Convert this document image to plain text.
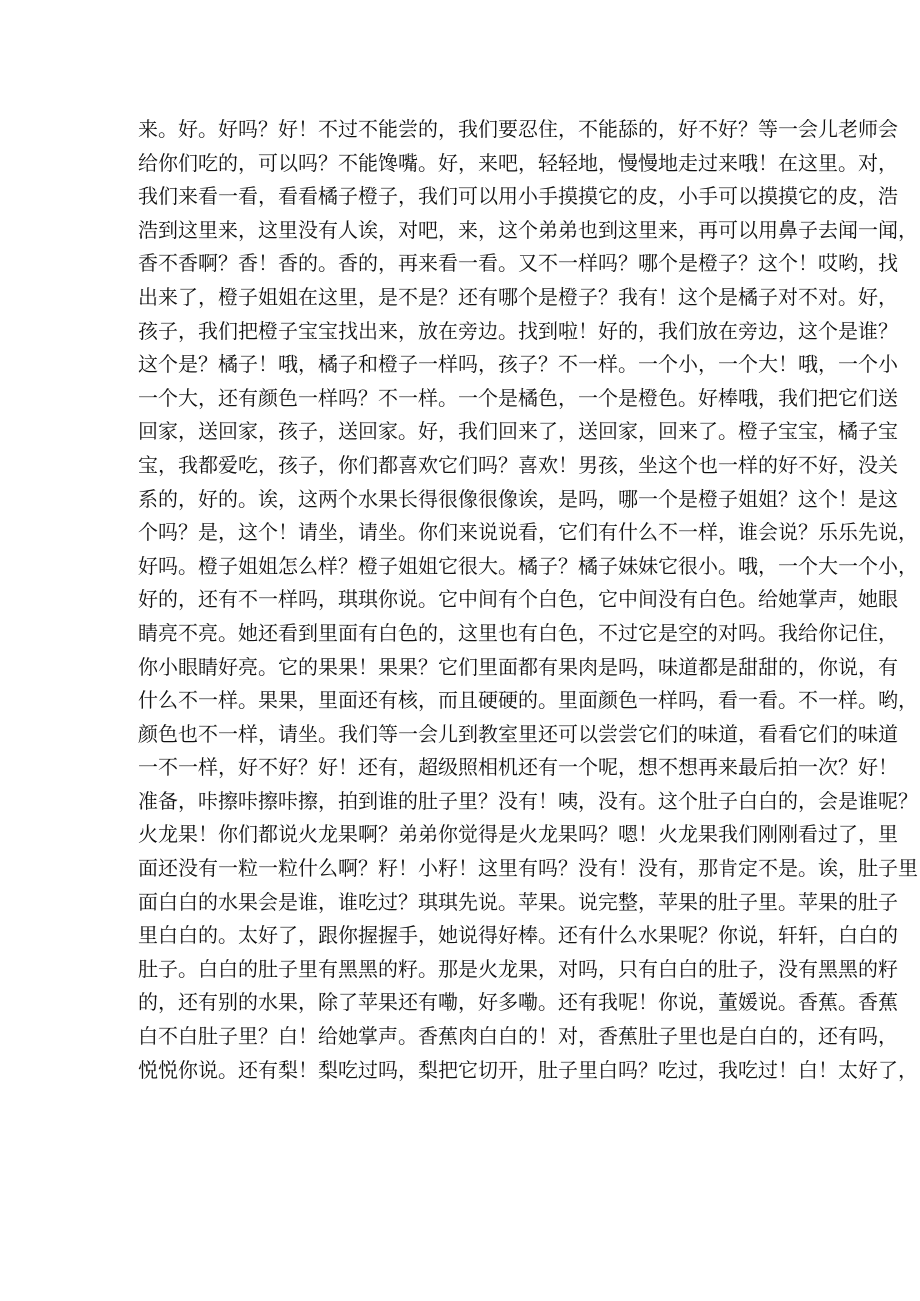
来。好。好吗？好！不过不能尝的，我们要忍住，不能舔的，好不好？等一会儿老师会
给你们吃的，可以吗？不能馋嘴。好，来吧，轻轻地，慢慢地走过来哦！在这里。对，
我们来看一看，看看橘子橙子，我们可以用小手摸摸它的皮，小手可以摸摸它的皮，浩
浩到这里来，这里没有人诶，对吧，来，这个弟弟也到这里来，再可以用鼻子去闻一闻，
香不香啊？香！香的。香的，再来看一看。又不一样吗？哪个是橙子？这个！哎哟，找
出来了，橙子姐姐在这里，是不是？还有哪个是橙子？我有！这个是橘子对不对。好，
孩子，我们把橙子宝宝找出来，放在旁边。找到啦！好的，我们放在旁边，这个是谁？
这个是？橘子！哦，橘子和橙子一样吗，孩子？不一样。一个小，一个大！哦，一个小
一个大，还有颜色一样吗？不一样。一个是橘色，一个是橙色。好棒哦，我们把它们送
回家，送回家，孩子，送回家。好，我们回来了，送回家，回来了。橙子宝宝，橘子宝
宝，我都爱吃，孩子，你们都喜欢它们吗？喜欢！男孩，坐这个也一样的好不好，没关
系的，好的。诶，这两个水果长得很像很像诶，是吗，哪一个是橙子姐姐？这个！是这
个吗？是，这个！请坐，请坐。你们来说说看，它们有什么不一样，谁会说？乐乐先说，
好吗。橙子姐姐怎么样？橙子姐姐它很大。橘子？橘子妹妹它很小。哦，一个大一个小，
好的，还有不一样吗，琪琪你说。它中间有个白色，它中间没有白色。给她掌声，她眼
睛亮不亮。她还看到里面有白色的，这里也有白色，不过它是空的对吗。我给你记住，
你小眼睛好亮。它的果果！果果？它们里面都有果肉是吗，味道都是甜甜的，你说，有
什么不一样。果果，里面还有核，而且硬硬的。里面颜色一样吗，看一看。不一样。哟，
颜色也不一样，请坐。我们等一会儿到教室里还可以尝尝它们的味道，看看它们的味道
一不一样，好不好？好！还有，超级照相机还有一个呢，想不想再来最后拍一次？好！
准备，咔擦咔擦咔擦，拍到谁的肚子里？没有！咦，没有。这个肚子白白的，会是谁呢？
火龙果！你们都说火龙果啊？弟弟你觉得是火龙果吗？嗯！火龙果我们刚刚看过了，里
面还没有一粒一粒什么啊？籽！小籽！这里有吗？没有！没有，那肯定不是。诶，肚子里
面白白的水果会是谁，谁吃过？琪琪先说。苹果。说完整，苹果的肚子里。苹果的肚子
里白白的。太好了，跟你握握手，她说得好棒。还有什么水果呢？你说，轩轩，白白的
肚子。白白的肚子里有黑黑的籽。那是火龙果，对吗，只有白白的肚子，没有黑黑的籽
的，还有别的水果，除了苹果还有嘞，好多嘞。还有我呢！你说，董媛说。香蕉。香蕉
白不白肚子里？白！给她掌声。香蕉肉白白的！对，香蕉肚子里也是白白的，还有吗，
悦悦你说。还有梨！梨吃过吗，梨把它切开，肚子里白吗？吃过，我吃过！白！太好了，
